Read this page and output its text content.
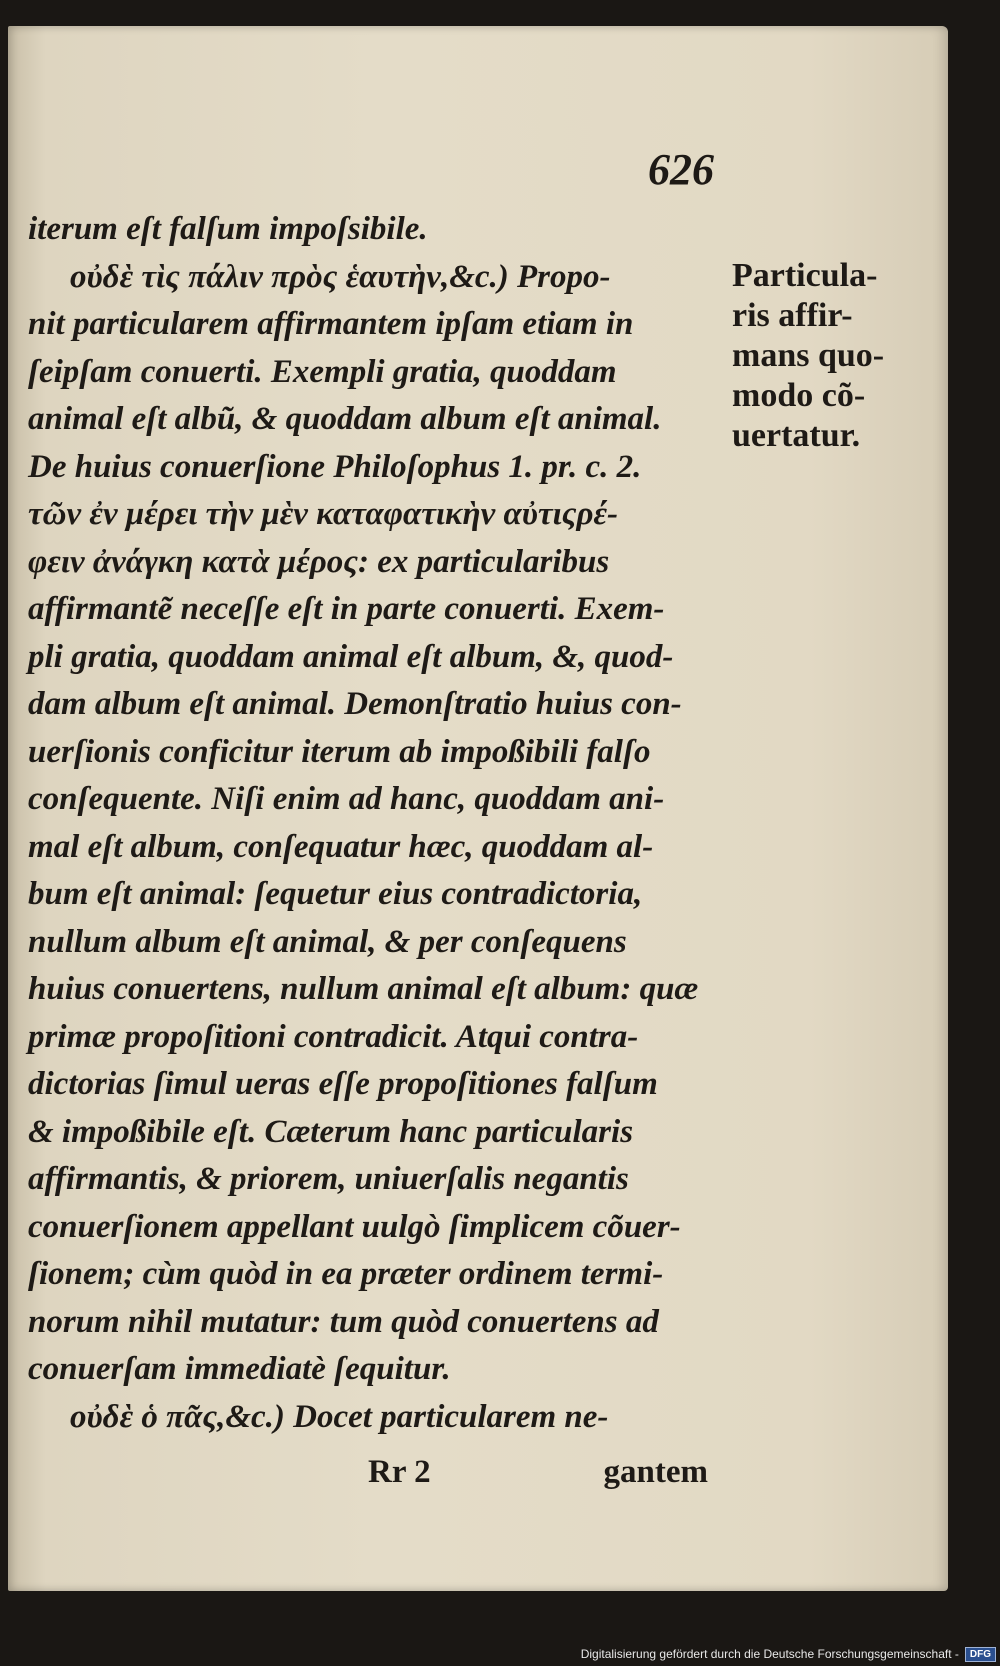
626
iterum eſt falſum impoſsibile.
οὐδὲ τὶς πάλιν πρὸς ἑαυτὴν,&c.) Propo-
nit particularem affirmantem ipſam etiam in
ſeipſam conuerti. Exempli gratia, quoddam
animal eſt albũ, & quoddam album eſt animal.
De huius conuerſione Philoſophus 1. pr. c. 2.
τῶν ἐν μέρει τὴν μὲν καταφατικὴν αὐτιςρέ-
φειν ἀνάγκη κατὰ μέρος: ex particularibus
affirmantẽ neceſſe eſt in parte conuerti. Exem-
pli gratia, quoddam animal eſt album, &, quod-
dam album eſt animal. Demonſtratio huius con-
uerſionis conficitur iterum ab impoßibili falſo
conſequente. Niſi enim ad hanc, quoddam ani-
mal eſt album, conſequatur hæc, quoddam al-
bum eſt animal: ſequetur eius contradictoria,
nullum album eſt animal, & per conſequens
huius conuertens, nullum animal eſt album: quæ
primæ propoſitioni contradicit. Atqui contra-
dictorias ſimul ueras eſſe propoſitiones falſum
& impoßibile eſt. Cæterum hanc particularis
affirmantis, & priorem, uniuerſalis negantis
conuerſionem appellant uulgò ſimplicem cõuer-
ſionem; cùm quòd in ea præter ordinem termi-
norum nihil mutatur: tum quòd conuertens ad
conuerſam immediatè ſequitur.
οὐδὲ ὁ πᾶς,&c.) Docet particularem ne-
Particula-
ris affir-
mans quo-
modo cõ-
uertatur.
Rr 2	gantem
Digitalisierung gefördert durch die Deutsche Forschungsgemeinschaft -	DFG
